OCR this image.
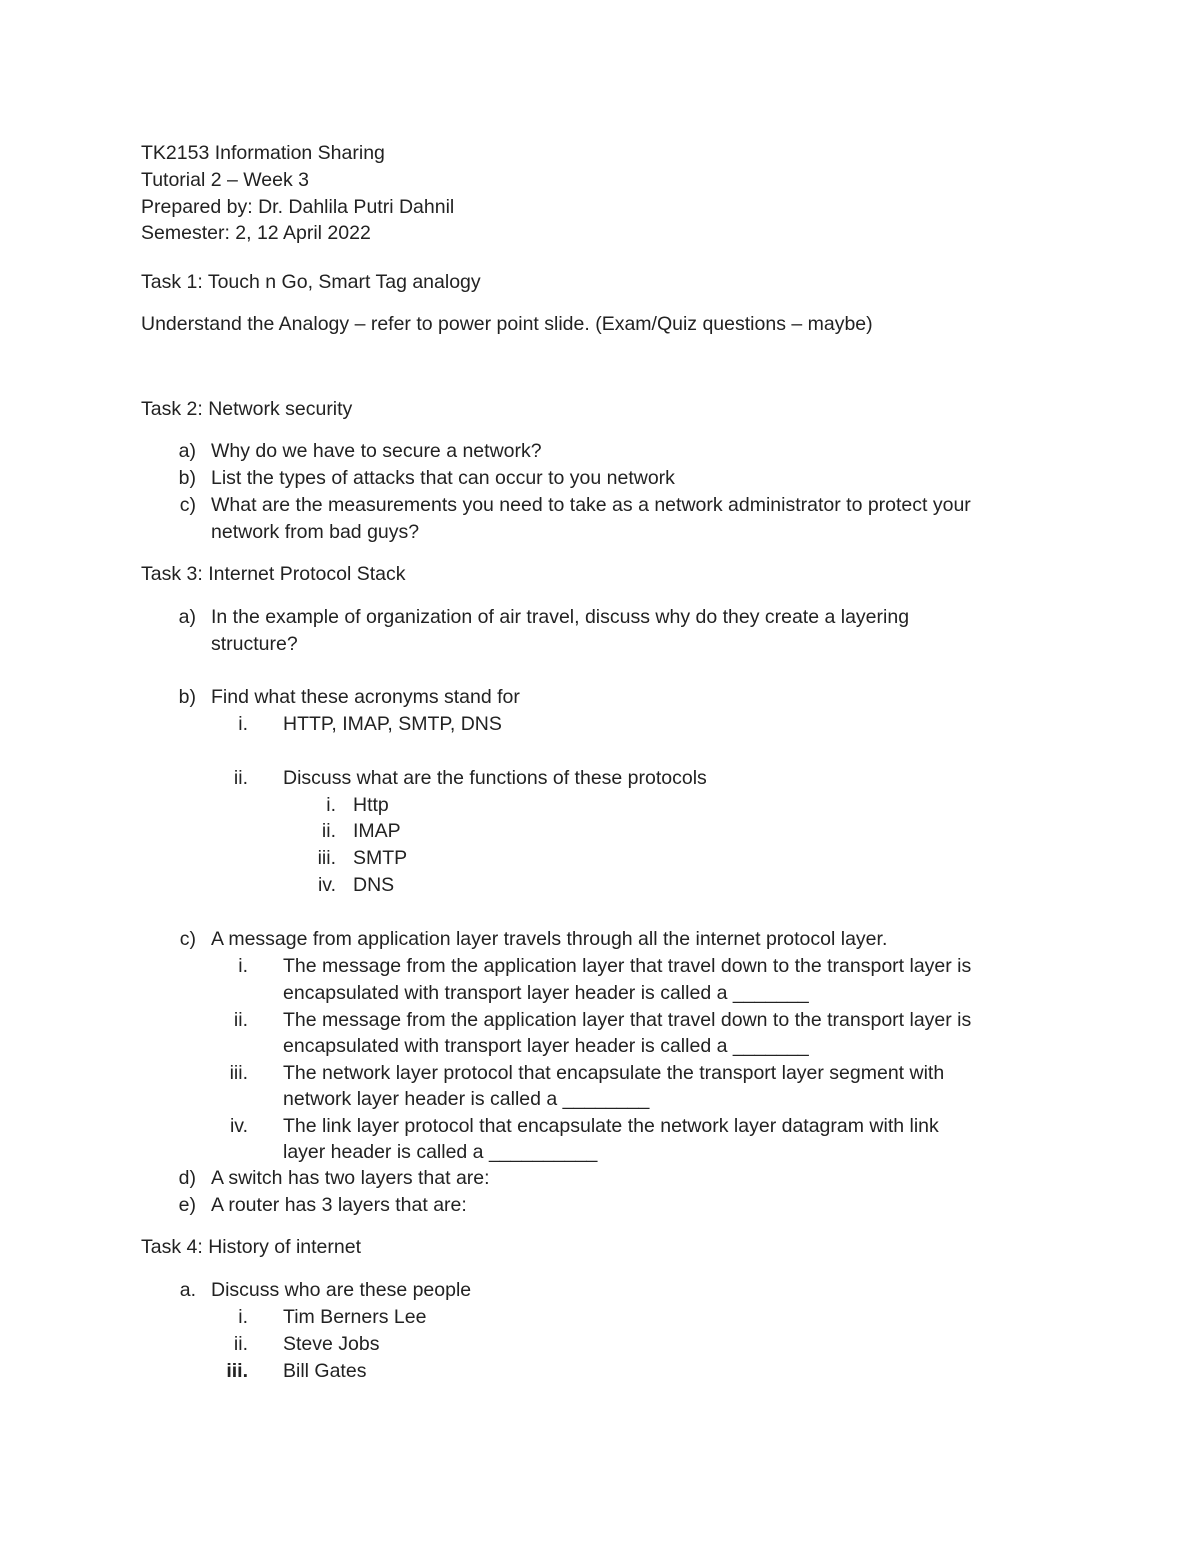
TK2153 Information Sharing
Tutorial 2 – Week 3
Prepared by: Dr. Dahlila Putri Dahnil
Semester: 2, 12 April 2022
Task 1: Touch n Go, Smart Tag analogy
Understand the Analogy – refer to power point slide. (Exam/Quiz questions – maybe)
Task 2: Network security
a) Why do we have to secure a network?
b) List the types of attacks that can occur to you network
c) What are the measurements you need to take as a network administrator to protect your
network from bad guys?
Task 3: Internet Protocol Stack
a) In the example of organization of air travel, discuss why do they create a layering
structure?
b) Find what these acronyms stand for
i. HTTP, IMAP, SMTP, DNS
ii. Discuss what are the functions of these protocols
i. Http
ii. IMAP
iii. SMTP
iv. DNS
c) A message from application layer travels through all the internet protocol layer.
i. The message from the application layer that travel down to the transport layer is
encapsulated with transport layer header is called a _______
ii. The message from the application layer that travel down to the transport layer is
encapsulated with transport layer header is called a _______
iii. The network layer protocol that encapsulate the transport layer segment with
network layer header is called a ________
iv. The link layer protocol that encapsulate the network layer datagram with link
layer header is called a __________
d) A switch has two layers that are:
e) A router has 3 layers that are:
Task 4: History of internet
a. Discuss who are these people
i. Tim Berners Lee
ii. Steve Jobs
iii. Bill Gates
